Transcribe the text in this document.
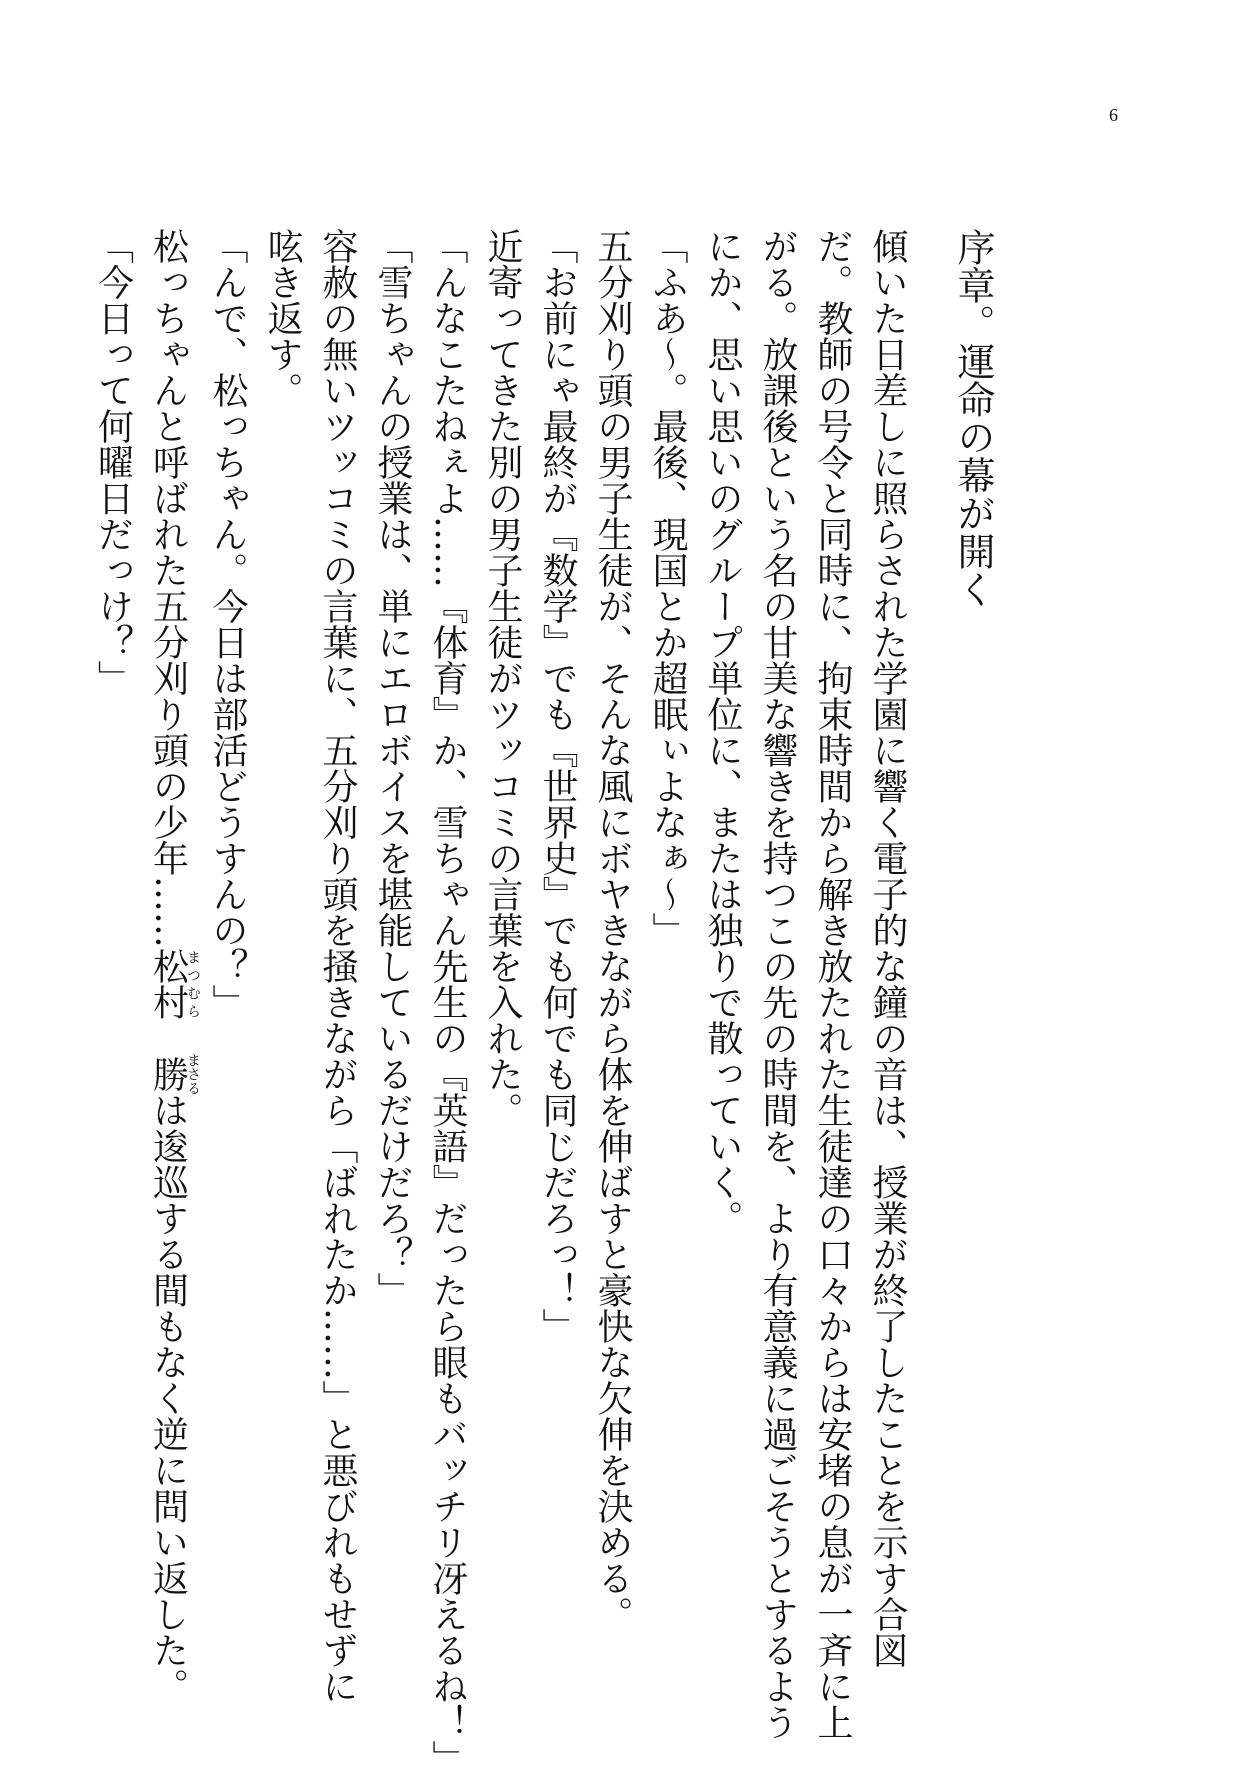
6
序章。運命の幕が開く

傾いた日差しに照らされた学園に響く電子的な鐘の音は、授業が終了したことを示す合図

だ。教師の号令と同時に、拘束時間から解き放たれた生徒達の口々からは安堵の息が一斉に上

がる。放課後という名の甘美な響きを持つこの先の時間を、より有意義に過ごそうとするよう

にか、思い思いのグループ単位に、または独りで散っていく。

「ふあ〜。最後、現国とか超眠ぃよなぁ〜」

五分刈り頭の男子生徒が、そんな風にボヤきながら体を伸ばすと豪快な欠伸を決める。

「お前にゃ最終が『数学』でも『世界史』でも何でも同じだろっ！」

近寄ってきた別の男子生徒がツッコミの言葉を入れた。

「んなこたねぇよ……『体育』か、雪ちゃん先生の『英語』だったら眼もバッチリ冴えるね！」

「雪ちゃんの授業は、単にエロボイスを堪能しているだけだろ？」

容赦の無いツッコミの言葉に、五分刈り頭を掻きながら「ばれたか……」と悪びれもせずに

呟き返す。

「んで、松っちゃん。今日は部活どうすんの？」

松っちゃんと呼ばれた五分刈り頭の少年……松村まつむら　勝まさるは逡巡する間もなく逆に問い返した。

「今日って何曜日だっけ？」
